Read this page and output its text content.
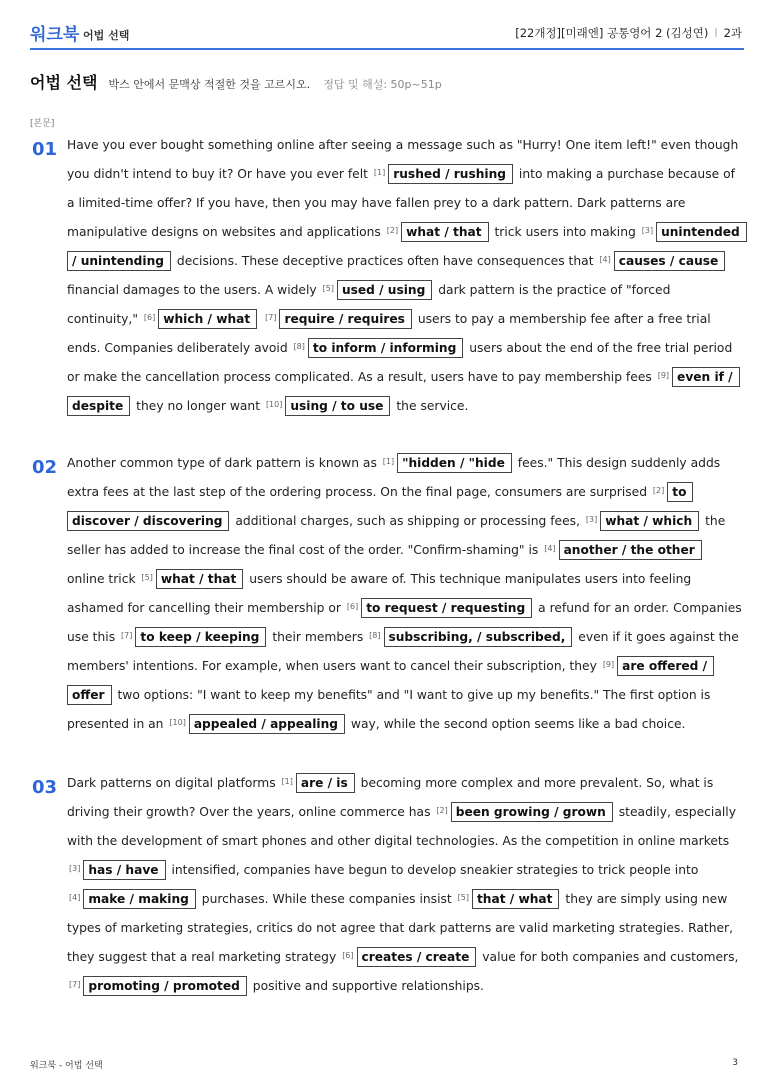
워크북 어법 선택	[22개정][미래엔] 공통영어 2 (김성연) l 2과
어법 선택 박스 안에서 문맥상 적절한 것을 고르시오. 정답 및 해설: 50p~51p
[본문]
01 Have you ever bought something online after seeing a message such as "Hurry! One item left!" even though you didn't intend to buy it? Or have you ever felt [1] rushed / rushing into making a purchase because of a limited-time offer? If you have, then you may have fallen prey to a dark pattern. Dark patterns are manipulative designs on websites and applications [2] what / that trick users into making [3] unintended / unintending decisions. These deceptive practices often have consequences that [4] causes / cause financial damages to the users. A widely [5] used / using dark pattern is the practice of "forced continuity," [6] which / what [7] require / requires users to pay a membership fee after a free trial ends. Companies deliberately avoid [8] to inform / informing users about the end of the free trial period or make the cancellation process complicated. As a result, users have to pay membership fees [9] even if / despite they no longer want [10] using / to use the service.
02 Another common type of dark pattern is known as [1] "hidden / "hide fees." This design suddenly adds extra fees at the last step of the ordering process. On the final page, consumers are surprised [2] to discover / discovering additional charges, such as shipping or processing fees, [3] what / which the seller has added to increase the final cost of the order. "Confirm-shaming" is [4] another / the other online trick [5] what / that users should be aware of. This technique manipulates users into feeling ashamed for cancelling their membership or [6] to request / requesting a refund for an order. Companies use this [7] to keep / keeping their members [8] subscribing, / subscribed, even if it goes against the members' intentions. For example, when users want to cancel their subscription, they [9] are offered / offer two options: "I want to keep my benefits" and "I want to give up my benefits." The first option is presented in an [10] appealed / appealing way, while the second option seems like a bad choice.
03 Dark patterns on digital platforms [1] are / is becoming more complex and more prevalent. So, what is driving their growth? Over the years, online commerce has [2] been growing / grown steadily, especially with the development of smart phones and other digital technologies. As the competition in online markets [3] has / have intensified, companies have begun to develop sneakier strategies to trick people into [4] make / making purchases. While these companies insist [5] that / what they are simply using new types of marketing strategies, critics do not agree that dark patterns are valid marketing strategies. Rather, they suggest that a real marketing strategy [6] creates / create value for both companies and customers, [7] promoting / promoted positive and supportive relationships.
워크북 - 어법 선택	3
